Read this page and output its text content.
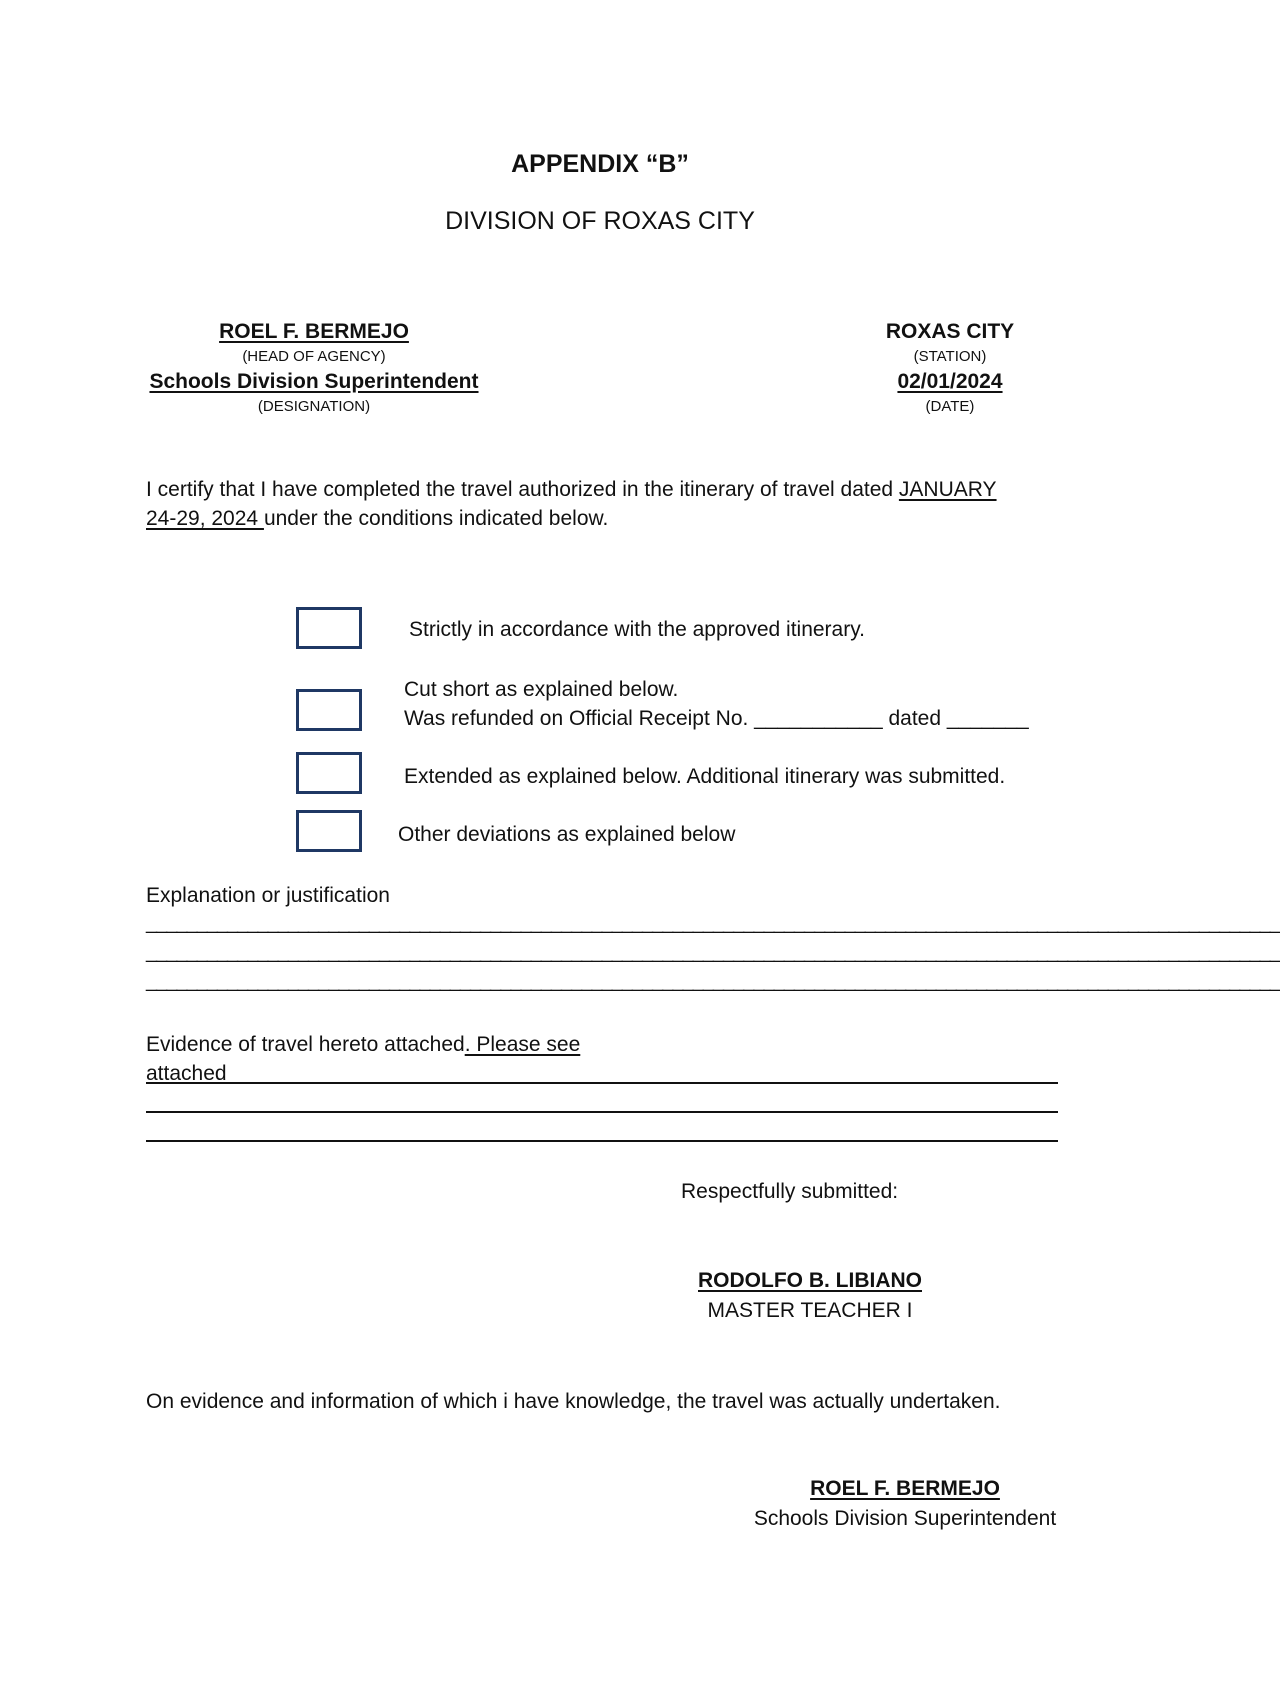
APPENDIX “B”
DIVISION OF ROXAS CITY
ROEL F. BERMEJO
(HEAD OF AGENCY)
Schools Division Superintendent
(DESIGNATION)
ROXAS CITY
(STATION)
02/01/2024
(DATE)
I certify that I have completed the travel authorized in the itinerary of travel dated JANUARY
24-29, 2024 under the conditions indicated below.
Strictly in accordance with the approved itinerary.
Cut short as explained below.
Was refunded on Official Receipt No. ___________ dated _______
Extended as explained below. Additional itinerary was submitted.
Other deviations as explained below
Explanation or justification
________________________________________________________________________________________________________________
________________________________________________________________________________________________________________
________________________________________________________________________________________________________________
Evidence of travel hereto attached. Please see
attached
Respectfully submitted:
RODOLFO B. LIBIANO
MASTER TEACHER I
On evidence and information of which i have knowledge, the travel was actually undertaken.
ROEL F. BERMEJO
Schools Division Superintendent
